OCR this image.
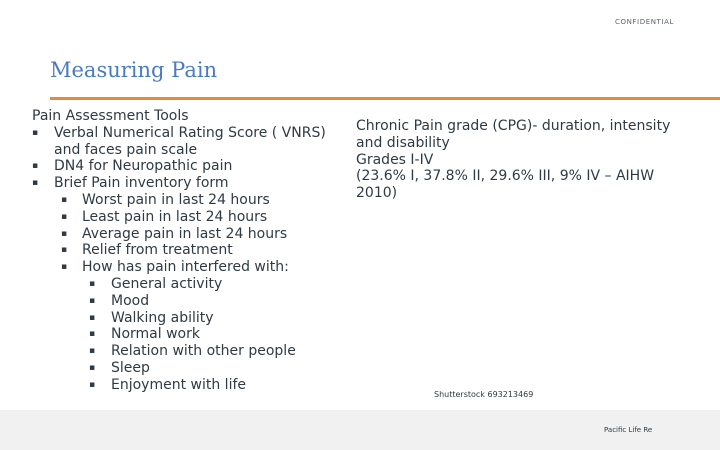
CONFIDENTIAL
Measuring Pain
Pain Assessment Tools
▪ Verbal Numerical Rating Score ( VNRS) and faces pain scale
▪ DN4 for Neuropathic pain
▪ Brief Pain inventory form
▪ Worst pain in last 24 hours
▪ Least pain in last 24 hours
▪ Average pain in last 24 hours
▪ Relief from treatment
▪ How has pain interfered with:
▪ General activity
▪ Mood
▪ Walking ability
▪ Normal work
▪ Relation with other people
▪ Sleep
▪ Enjoyment with life

Chronic Pain grade (CPG)- duration, intensity and disability

Grades I-IV

(23.6% I, 37.8% II, 29.6% III, 9% IV – AIHW 2010)

Shutterstock 693213469
Pacific Life Re
